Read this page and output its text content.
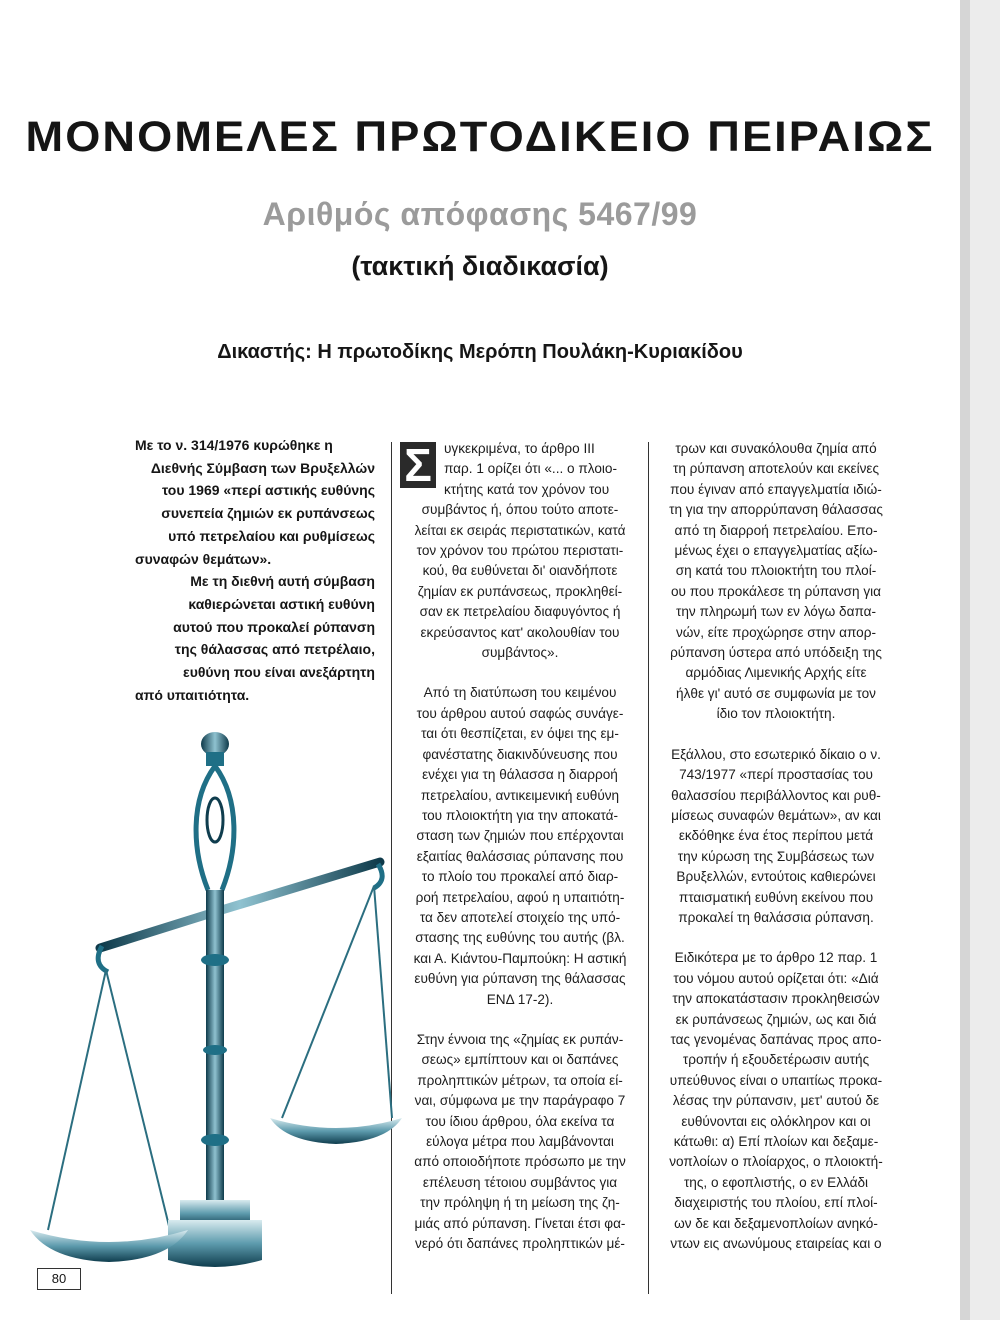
ΜΟΝΟΜΕΛΕΣ ΠΡΩΤΟΔΙΚΕΙΟ ΠΕΙΡΑΙΩΣ
Αριθμός απόφασης 5467/99
(τακτική διαδικασία)
Δικαστής: Η πρωτοδίκης Μερόπη Πουλάκη-Κυριακίδου
Με το ν. 314/1976 κυρώθηκε η
Διεθνής Σύμβαση των Βρυξελλών
του 1969 «περί αστικής ευθύνης
συνεπεία ζημιών εκ ρυπάνσεως
υπό πετρελαίου και ρυθμίσεως
συναφών θεμάτων».
Με τη διεθνή αυτή σύμβαση
καθιερώνεται αστική ευθύνη
αυτού που προκαλεί ρύπανση
της θάλασσας από πετρέλαιο,
ευθύνη που είναι ανεξάρτητη
από υπαιτιότητα.
Σ υγκεκριμένα, το άρθρο III
παρ. 1 ορίζει ότι «... ο πλοιο-
κτήτης κατά τον χρόνον του
συμβάντος ή, όπου τούτο αποτε-
λείται εκ σειράς περιστατικών, κατά
τον χρόνον του πρώτου περιστατι-
κού, θα ευθύνεται δι' οιανδήποτε
ζημίαν εκ ρυπάνσεως, προκληθεί-
σαν εκ πετρελαίου διαφυγόντος ή
εκρεύσαντος κατ' ακολουθίαν του
συμβάντος».
Από τη διατύπωση του κειμένου
του άρθρου αυτού σαφώς συνάγε-
ται ότι θεσπίζεται, εν όψει της εμ-
φανέστατης διακινδύνευσης που
ενέχει για τη θάλασσα η διαρροή
πετρελαίου, αντικειμενική ευθύνη
του πλοιοκτήτη για την αποκατά-
σταση των ζημιών που επέρχονται
εξαιτίας θαλάσσιας ρύπανσης που
το πλοίο του προκαλεί από διαρ-
ροή πετρελαίου, αφού η υπαιτιότη-
τα δεν αποτελεί στοιχείο της υπό-
στασης της ευθύνης του αυτής (βλ.
και Α. Κιάντου-Παμπούκη: Η αστική
ευθύνη για ρύπανση της θάλασσας
ΕΝΔ 17-2).
Στην έννοια της «ζημίας εκ ρυπάν-
σεως» εμπίπτουν και οι δαπάνες
προληπτικών μέτρων, τα οποία εί-
ναι, σύμφωνα με την παράγραφο 7
του ίδιου άρθρου, όλα εκείνα τα
εύλογα μέτρα που λαμβάνονται
από οποιοδήποτε πρόσωπο με την
επέλευση τέτοιου συμβάντος για
την πρόληψη ή τη μείωση της ζη-
μιάς από ρύπανση. Γίνεται έτσι φα-
νερό ότι δαπάνες προληπτικών μέ-
τρων και συνακόλουθα ζημία από
τη ρύπανση αποτελούν και εκείνες
που έγιναν από επαγγελματία ιδιώ-
τη για την απορρύπανση θάλασσας
από τη διαρροή πετρελαίου. Επο-
μένως έχει ο επαγγελματίας αξίω-
ση κατά του πλοιοκτήτη του πλοί-
ου που προκάλεσε τη ρύπανση για
την πληρωμή των εν λόγω δαπα-
νών, είτε προχώρησε στην απορ-
ρύπανση ύστερα από υπόδειξη της
αρμόδιας Λιμενικής Αρχής είτε
ήλθε γι' αυτό σε συμφωνία με τον
ίδιο τον πλοιοκτήτη.
Εξάλλου, στο εσωτερικό δίκαιο ο ν.
743/1977 «περί προστασίας του
θαλασσίου περιβάλλοντος και ρυθ-
μίσεως συναφών θεμάτων», αν και
εκδόθηκε ένα έτος περίπου μετά
την κύρωση της Συμβάσεως των
Βρυξελλών, εντούτοις καθιερώνει
πταισματική ευθύνη εκείνου που
προκαλεί τη θαλάσσια ρύπανση.
Ειδικότερα με το άρθρο 12 παρ. 1
του νόμου αυτού ορίζεται ότι: «Διά
την αποκατάστασιν προκληθεισών
εκ ρυπάνσεως ζημιών, ως και διά
τας γενομένας δαπάνας προς απο-
τροπήν ή εξουδετέρωσιν αυτής
υπεύθυνος είναι ο υπαιτίως προκα-
λέσας την ρύπανσιν, μετ' αυτού δε
ευθύνονται εις ολόκληρον και οι
κάτωθι: α) Επί πλοίων και δεξαμε-
νοπλοίων ο πλοίαρχος, ο πλοιοκτή-
της, ο εφοπλιστής, ο εν Ελλάδι
διαχειριστής του πλοίου, επί πλοί-
ων δε και δεξαμενοπλοίων ανηκό-
ντων εις ανωνύμους εταιρείας και ο
80
